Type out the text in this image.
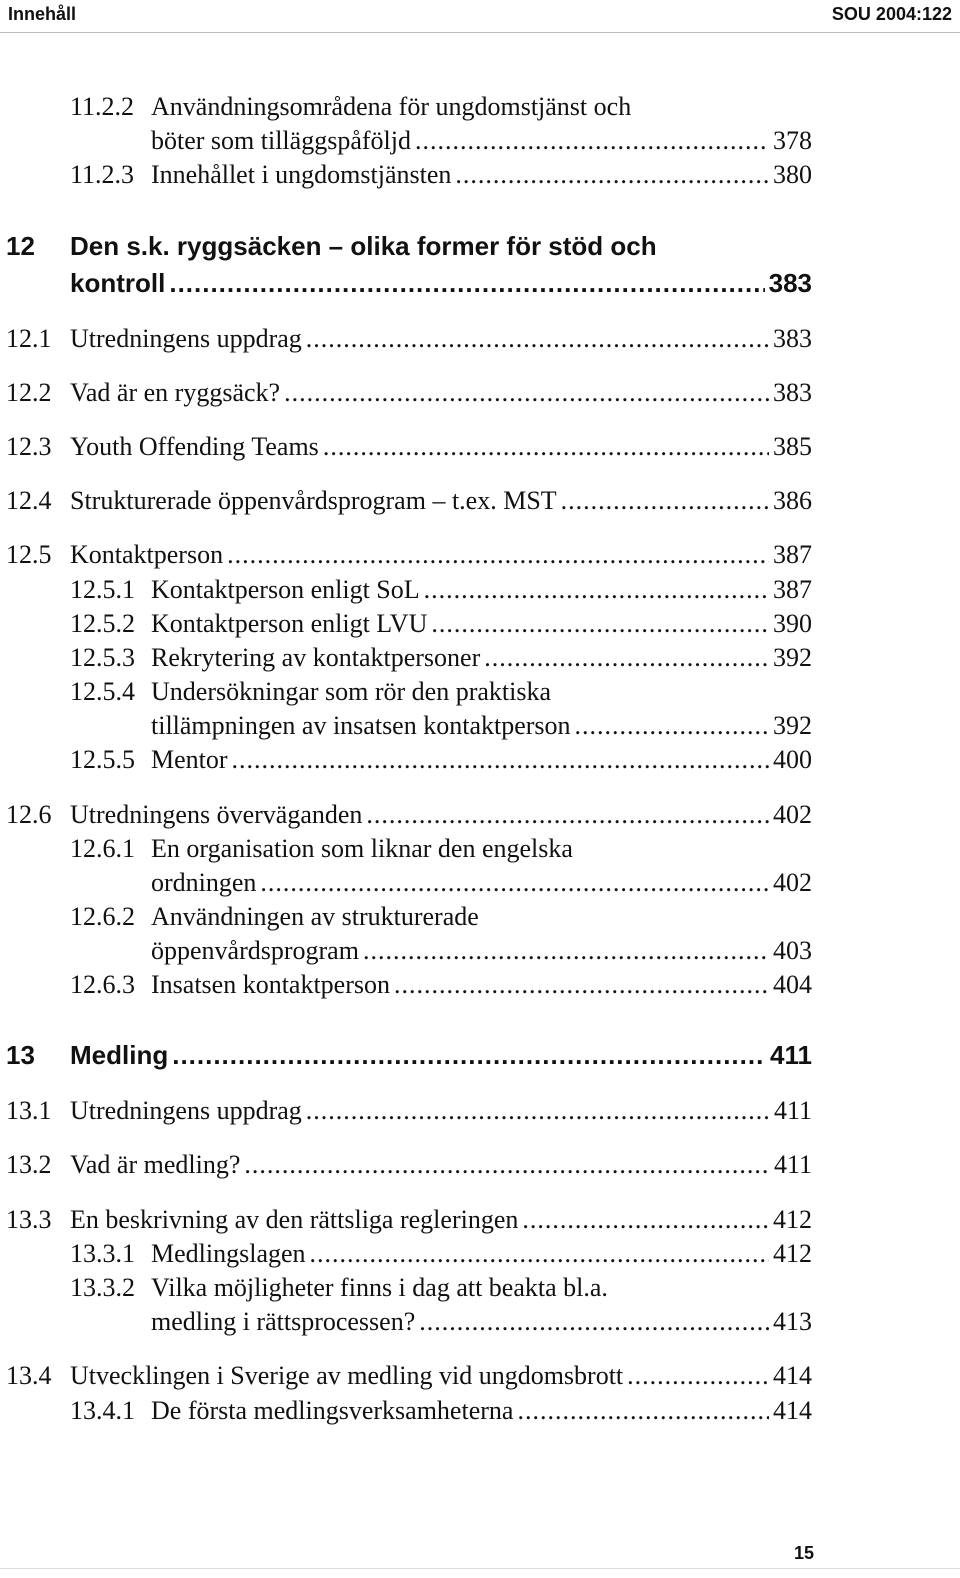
Innehåll	SOU 2004:122
11.2.2 Användningsområdena för ungdomstjänst och
böter som tilläggspåföljd .....	378
11.2.3 Innehållet i ungdomstjänsten .....	380
12 Den s.k. ryggsäcken – olika former för stöd och
kontroll .....	383
12.1 Utredningens uppdrag .....	383
12.2 Vad är en ryggsäck? .....	383
12.3 Youth Offending Teams .....	385
12.4 Strukturerade öppenvårdsprogram – t.ex. MST .....	386
12.5 Kontaktperson .....	387
12.5.1 Kontaktperson enligt SoL .....	387
12.5.2 Kontaktperson enligt LVU .....	390
12.5.3 Rekrytering av kontaktpersoner .....	392
12.5.4 Undersökningar som rör den praktiska
tillämpningen av insatsen kontaktperson .....	392
12.5.5 Mentor .....	400
12.6 Utredningens överväganden .....	402
12.6.1 En organisation som liknar den engelska
ordningen .....	402
12.6.2 Användningen av strukturerade
öppenvårdsprogram .....	403
12.6.3 Insatsen kontaktperson .....	404
13 Medling .....	411
13.1 Utredningens uppdrag .....	411
13.2 Vad är medling? .....	411
13.3 En beskrivning av den rättsliga regleringen .....	412
13.3.1 Medlingslagen .....	412
13.3.2 Vilka möjligheter finns i dag att beakta bl.a.
medling i rättsprocessen? .....	413
13.4 Utvecklingen i Sverige av medling vid ungdomsbrott .....	414
13.4.1 De första medlingsverksamheterna .....	414
15
